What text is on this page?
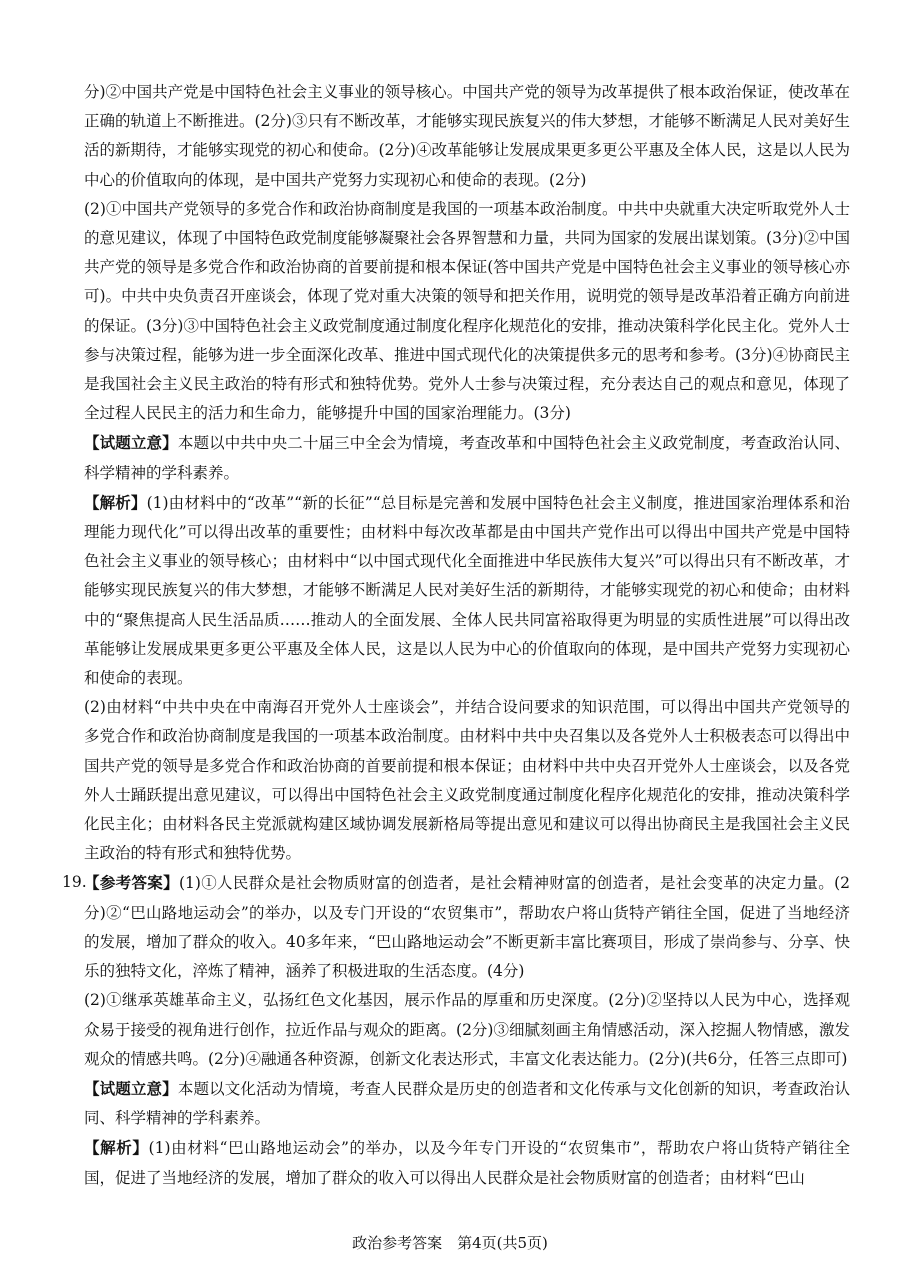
分)②中国共产党是中国特色社会主义事业的领导核心。中国共产党的领导为改革提供了根本政治保证，使改革在正确的轨道上不断推进。(2分)③只有不断改革，才能够实现民族复兴的伟大梦想，才能够不断满足人民对美好生活的新期待，才能够实现党的初心和使命。(2分)④改革能够让发展成果更多更公平惠及全体人民，这是以人民为中心的价值取向的体现，是中国共产党努力实现初心和使命的表现。(2分)

(2)①中国共产党领导的多党合作和政治协商制度是我国的一项基本政治制度。中共中央就重大决定听取党外人士的意见建议，体现了中国特色政党制度能够凝聚社会各界智慧和力量，共同为国家的发展出谋划策。(3分)②中国共产党的领导是多党合作和政治协商的首要前提和根本保证(答中国共产党是中国特色社会主义事业的领导核心亦可)。中共中央负责召开座谈会，体现了党对重大决策的领导和把关作用，说明党的领导是改革沿着正确方向前进的保证。(3分)③中国特色社会主义政党制度通过制度化程序化规范化的安排，推动决策科学化民主化。党外人士参与决策过程，能够为进一步全面深化改革、推进中国式现代化的决策提供多元的思考和参考。(3分)④协商民主是我国社会主义民主政治的特有形式和独特优势。党外人士参与决策过程，充分表达自己的观点和意见，体现了全过程人民民主的活力和生命力，能够提升中国的国家治理能力。(3分)

【试题立意】本题以中共中央二十届三中全会为情境，考查改革和中国特色社会主义政党制度，考查政治认同、科学精神的学科素养。

【解析】(1)由材料中的“改革”“新的长征”“总目标是完善和发展中国特色社会主义制度，推进国家治理体系和治理能力现代化”可以得出改革的重要性；由材料中每次改革都是由中国共产党作出可以得出中国共产党是中国特色社会主义事业的领导核心；由材料中“以中国式现代化全面推进中华民族伟大复兴”可以得出只有不断改革，才能够实现民族复兴的伟大梦想，才能够不断满足人民对美好生活的新期待，才能够实现党的初心和使命；由材料中的“聚焦提高人民生活品质……推动人的全面发展、全体人民共同富裕取得更为明显的实质性进展”可以得出改革能够让发展成果更多更公平惠及全体人民，这是以人民为中心的价值取向的体现，是中国共产党努力实现初心和使命的表现。

(2)由材料“中共中央在中南海召开党外人士座谈会”，并结合设问要求的知识范围，可以得出中国共产党领导的多党合作和政治协商制度是我国的一项基本政治制度。由材料中共中央召集以及各党外人士积极表态可以得出中国共产党的领导是多党合作和政治协商的首要前提和根本保证；由材料中共中央召开党外人士座谈会，以及各党外人士踊跃提出意见建议，可以得出中国特色社会主义政党制度通过制度化程序化规范化的安排，推动决策科学化民主化；由材料各民主党派就构建区域协调发展新格局等提出意见和建议可以得出协商民主是我国社会主义民主政治的特有形式和独特优势。

19.
【参考答案】(1)①人民群众是社会物质财富的创造者，是社会精神财富的创造者，是社会变革的决定力量。(2分)②“巴山路地运动会”的举办，以及专门开设的“农贸集市”，帮助农户将山货特产销往全国，促进了当地经济的发展，增加了群众的收入。40多年来，“巴山路地运动会”不断更新丰富比赛项目，形成了崇尚参与、分享、快乐的独特文化，淬炼了精神，涵养了积极进取的生活态度。(4分)

(2)①继承英雄革命主义，弘扬红色文化基因，展示作品的厚重和历史深度。(2分)②坚持以人民为中心，选择观众易于接受的视角进行创作，拉近作品与观众的距离。(2分)③细腻刻画主角情感活动，深入挖掘人物情感，激发观众的情感共鸣。(2分)④融通各种资源，创新文化表达形式，丰富文化表达能力。(2分)(共6分，任答三点即可)

【试题立意】本题以文化活动为情境，考查人民群众是历史的创造者和文化传承与文化创新的知识，考查政治认同、科学精神的学科素养。

【解析】(1)由材料“巴山路地运动会”的举办，以及今年专门开设的“农贸集市”，帮助农户将山货特产销往全国，促进了当地经济的发展，增加了群众的收入可以得出人民群众是社会物质财富的创造者；由材料“巴山

政治参考答案　第4页(共5页)
